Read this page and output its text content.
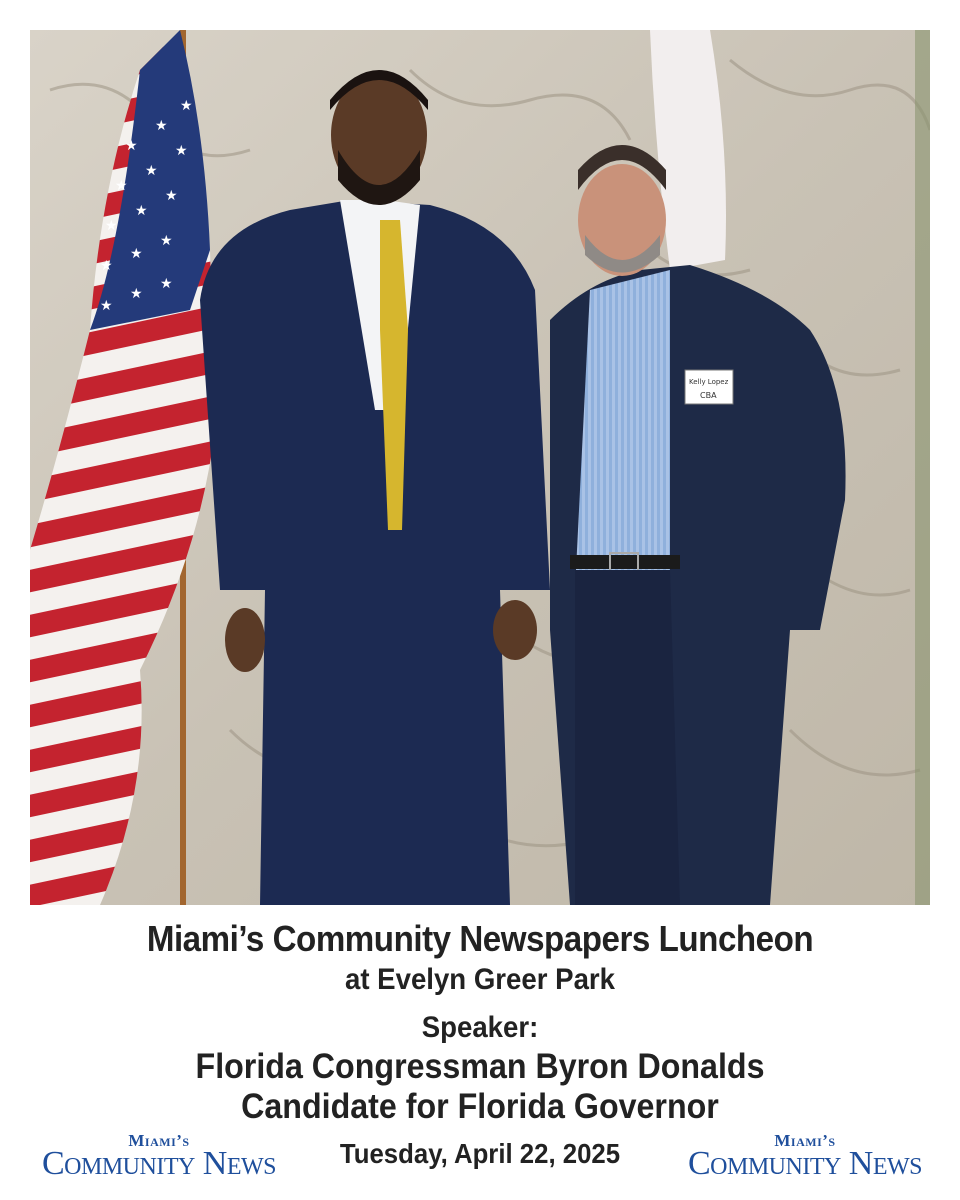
★
★
★
★
★
★
★
★
★
★
★
★
★
★
★
Kelly Lopez
CBA
Miami’s Community Newspapers Luncheon
at Evelyn Greer Park
Speaker:
Florida Congressman Byron Donalds
Candidate for Florida Governor
Tuesday, April 22, 2025
Miami’s
Community News
Miami’s
Community News
